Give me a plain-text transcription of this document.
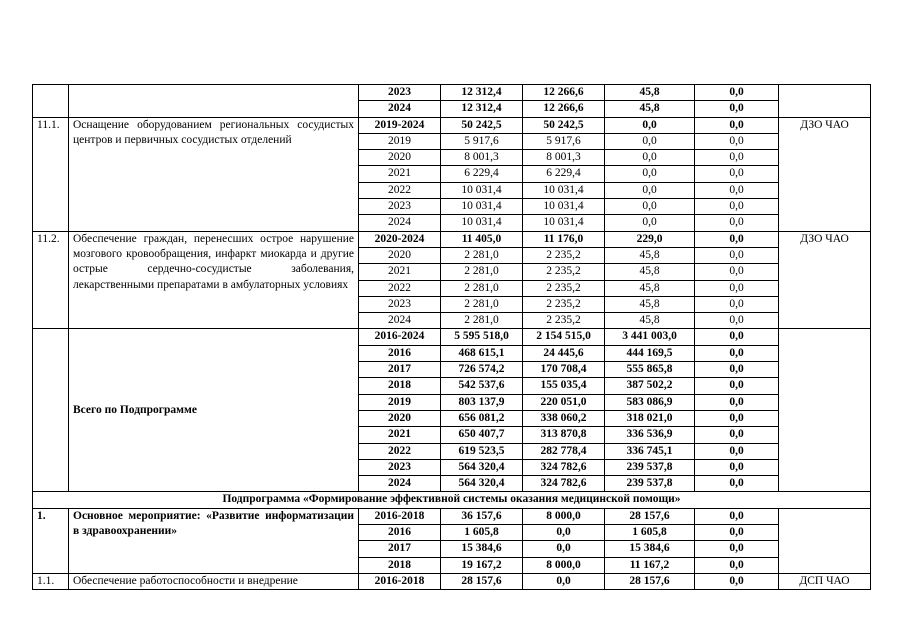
		2023	12 312,4	12 266,6	45,8	0,0	
		2024	12 312,4	12 266,6	45,8	0,0	
11.1.	Оснащение оборудованием региональных сосудистых центров и первичных сосудистых отделений	2019-2024	50 242,5	50 242,5	0,0	0,0	ДЗО ЧАО
		2019	5 917,6	5 917,6	0,0	0,0	
		2020	8 001,3	8 001,3	0,0	0,0	
		2021	6 229,4	6 229,4	0,0	0,0	
		2022	10 031,4	10 031,4	0,0	0,0	
		2023	10 031,4	10 031,4	0,0	0,0	
		2024	10 031,4	10 031,4	0,0	0,0	
11.2.	Обеспечение граждан, перенесших острое нарушение мозгового кровообращения, инфаркт миокарда и другие острые сердечно-сосудистые заболевания, лекарственными препаратами в амбулаторных условиях	2020-2024	11 405,0	11 176,0	229,0	0,0	ДЗО ЧАО
		2020	2 281,0	2 235,2	45,8	0,0	
		2021	2 281,0	2 235,2	45,8	0,0	
		2022	2 281,0	2 235,2	45,8	0,0	
		2023	2 281,0	2 235,2	45,8	0,0	
		2024	2 281,0	2 235,2	45,8	0,0	
	Всего по Подпрограмме	2016-2024	5 595 518,0	2 154 515,0	3 441 003,0	0,0	
		2016	468 615,1	24 445,6	444 169,5	0,0	
		2017	726 574,2	170 708,4	555 865,8	0,0	
		2018	542 537,6	155 035,4	387 502,2	0,0	
		2019	803 137,9	220 051,0	583 086,9	0,0	
		2020	656 081,2	338 060,2	318 021,0	0,0	
		2021	650 407,7	313 870,8	336 536,9	0,0	
		2022	619 523,5	282 778,4	336 745,1	0,0	
		2023	564 320,4	324 782,6	239 537,8	0,0	
		2024	564 320,4	324 782,6	239 537,8	0,0	
Подпрограмма «Формирование эффективной системы оказания медицинской помощи»							
1.	Основное мероприятие: «Развитие информатизации в здравоохранении»	2016-2018	36 157,6	8 000,0	28 157,6	0,0	
		2016	1 605,8	0,0	1 605,8	0,0	
		2017	15 384,6	0,0	15 384,6	0,0	
		2018	19 167,2	8 000,0	11 167,2	0,0	
1.1.	Обеспечение работоспособности и внедрение	2016-2018	28 157,6	0,0	28 157,6	0,0	ДСП ЧАО
